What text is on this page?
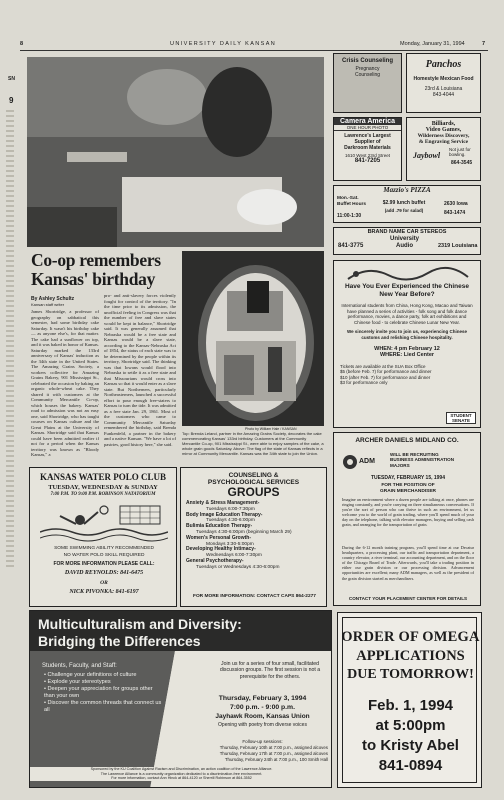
8	UNIVERSITY DAILY KANSAN	Monday, January 31, 1994	7
SN
9
Co-op remembers Kansas' birthday
By Ashley Schultz
Kansan staff writer
James Shortridge, a professor of geography on sabbatical this semester, had some birthday cake Saturday. It wasn't his birthday cake — as anyone else's, for that matter. The cake had a sunflower on top, and it was baked in honor of Kansas. Saturday marked the 133rd anniversary of Kansas' induction as the 34th state in the United States. The Amazing Grains Society, a workers collective for Amazing Grains Bakery, 901 Mississippi St., celebrated the occasion by baking an organic whole-wheat cake. They shared it with customers at the Community Mercantile Co-op, which houses the bakery. Kansas' road to admission was not an easy one, said Shortridge, who has taught courses on Kansas culture and the Great Plains at the University of Kansas. Shortridge said that Kansas could have been admitted earlier if not for a period when the Kansas territory was known as "Bloody Kansas," a
pro- and anti-slavery forces violently fought for control of the territory. "In the time prior to its admission, the unofficial feeling in Congress was that the number of free and slave states would be kept in balance," Shortridge said. It was generally assumed that Nebraska would be a free state and Kansas would be a slave state, according to the Kansas-Nebraska Act of 1854, the status of each state was to be determined by the people within its territory, Shortridge said. The thinking was that Iowans would flood into Nebraska to settle it as a free state and that Missourians would cross into Kansas so that it would enter as a slave state. But Northerners, particularly Northeasterners, launched a successful effort to pour enough free-staters to Kansas to turn the tide. It was admitted as a free state Jan. 29, 1861. Most of the customers who came to Community Mercantile Saturday remembered the birthday, said Brenda Funkenfeld, a partner in the bakery and a native Kansan. "We have a lot of pastries, good history here," she said.
Photo by William Hale / KANSAN
Top: Brenda Leland, partner in the Amazing Grains Society, decorates the cake commemorating Kansas' 133rd birthday. Customers at the Community Mercantile Co-op, 901 Mississippi St., were able to enjoy samples of the cake, a whole grain goods Saturday. Above: The flag of the state of Kansas reflects in a mirror at Community Mercantile. Kansas was the 34th state to join the Union.
Crisis Counseling
Pregnancy
Counseling
Panchos
Homestyle Mexican Food
23rd & Louisiana
843-4044
Camera America
ONE HOUR PHOTO
Lawrence's Largest
Supplier of
Darkroom Materials
1610 West 23rd Street
841-7205
Billiards,
Video Games,
Wilderness Discovery,
& Engraving Service
Not just for bowling.
Jaybowl
864-3545
Mazzio's PIZZA
Mon.-Sat. Buffet Hours
11:00-1:30
$2.99 lunch buffet
(add .79 for salad)
2630 Iowa
843-1474
BRAND NAME CAR STEREOS
841-3775
University Audio	2319 Louisiana
Have You Ever Experienced the Chinese New Year Before?
International students from China, Hong Kong, Macao and Taiwan have planned a series of activities - folk song and folk dance performance, movies, a dance party, folk art exhibitions and Chinese food - to celebrate Chinese Lunar New Year.
We sincerely invite you to join us, experiencing Chinese customs and relishing Chinese hospitality.
WHEN: 4 pm February 12
WHERE: Lied Center
Tickets are available at the SUA Box Office
$5 (before Feb. 7) for performance and dinner
$10 (after Feb. 7) for performance and dinner
$3 for performance only
STUDENT
SENATE
ARCHER DANIELS MIDLAND CO.
ADM
WILL BE RECRUITING
BUSINESS ADMINISTRATION
MAJORS
TUESDAY, FEBRUARY 15, 1994
FOR THE POSITION OF
GRAIN MERCHANDISER
Imagine an environment where a dozen people are talking at once, phones are ringing constantly, and you're carrying on three simultaneous conversations. If you're the sort of person who can thrive in such an environment, let us welcome you to the world of grain trading, where you'll spend much of your day on the telephone, talking with elevator managers, buying and selling cash grain, and arranging for the transportation of grain.
During the 6-12 month training program, you'll spend time at our Decatur headquarters, a processing plant, our traffic and transportation department, a country elevator, a river terminal, our accounting department, and on the floor of the Chicago Board of Trade. Afterwards, you'll take a trading position in either our grain division or our processing division. Advancement opportunities are excellent; many ADM managers, as well as the president of the grain division started as merchandisers.
CONTACT YOUR PLACEMENT CENTER FOR DETAILS
KANSAS WATER POLO CLUB
TUESDAY, WEDNESDAY & SUNDAY
7:00 P.M. TO 9:00 P.M. ROBINSON NATATORIUM
SOME SWIMMING ABILITY RECOMMENDED
NO WATER POLO SKILL REQUIRED
FOR MORE INFORMATION PLEASE CALL:
DAVID REYNOLDS: 841-6475
OR
NICK PIVONKA: 841-6197
COUNSELING &
PSYCHOLOGICAL SERVICES
GROUPS
Anxiety & Stress Management-
Tuesdays 6:00-7:30pm
Body Image Education Therapy-
Tuesdays 4:30-6:00pm
Bulimia Education Therapy-
Tuesdays 4:30-6:00pm (beginning March 29)
Women's Personal Growth-
Mondays 3:30-5:00pm
Developing Healthy Intimacy-
Wednesdays 6:00-7:30pm
General Psychotherapy-
Tuesdays or Wednesdays 4:30-6:00pm
FOR MORE INFORMATION: CONTACT CAPS 864-2277
Multiculturalism and Diversity:
Bridging the Differences
Students, Faculty, and Staff:
• Challenge your definitions of culture
• Explode your stereotypes
• Deepen your appreciation for groups other than your own
• Discover the common threads that connect us all
Join us for a series of four small, facilitated discussion groups. The first session is not a prerequisite for the others.
Thursday, February 3, 1994
7:00 p.m. - 9:00 p.m.
Jayhawk Room, Kansas Union
Opening with poetry from diverse voices
Follow-up sessions:
Thursday, February 10th at 7:00 p.m., assigned alcoves
Thursday, February 17th at 7:00 p.m., assigned alcoves
Thursday, February 24th at 7:00 p.m., 100 Smith Hall
Sponsored by the KU Coalition Against Racism and Discrimination, an action coalition of the Lawrence Alliance.
The Lawrence Alliance is a community organization dedicated to a discrimination-free environment.
For more information, contact Ann Hinck at 864-4120 or Sherrill Robinson at 864-3552
ORDER OF OMEGA
APPLICATIONS
DUE TOMORROW!
Feb. 1, 1994
at 5:00pm
to Kristy Abel
841-0894
